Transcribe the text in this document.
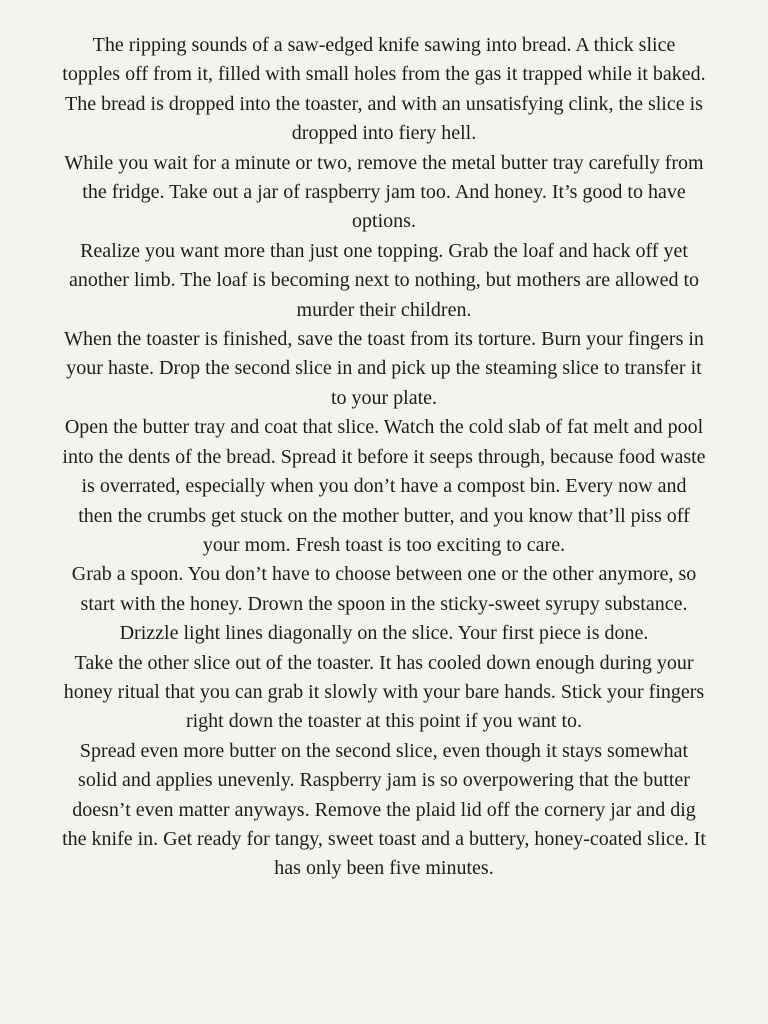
The ripping sounds of a saw-edged knife sawing into bread. A thick slice topples off from it, filled with small holes from the gas it trapped while it baked. The bread is dropped into the toaster, and with an unsatisfying clink, the slice is dropped into fiery hell.

While you wait for a minute or two, remove the metal butter tray carefully from the fridge. Take out a jar of raspberry jam too. And honey. It’s good to have options.

Realize you want more than just one topping. Grab the loaf and hack off yet another limb. The loaf is becoming next to nothing, but mothers are allowed to murder their children.

When the toaster is finished, save the toast from its torture. Burn your fingers in your haste. Drop the second slice in and pick up the steaming slice to transfer it to your plate.

Open the butter tray and coat that slice. Watch the cold slab of fat melt and pool into the dents of the bread. Spread it before it seeps through, because food waste is overrated, especially when you don’t have a compost bin. Every now and then the crumbs get stuck on the mother butter, and you know that’ll piss off your mom. Fresh toast is too exciting to care.

Grab a spoon. You don’t have to choose between one or the other anymore, so start with the honey. Drown the spoon in the sticky-sweet syrupy substance. Drizzle light lines diagonally on the slice. Your first piece is done.

Take the other slice out of the toaster. It has cooled down enough during your honey ritual that you can grab it slowly with your bare hands. Stick your fingers right down the toaster at this point if you want to.

Spread even more butter on the second slice, even though it stays somewhat solid and applies unevenly. Raspberry jam is so overpowering that the butter doesn’t even matter anyways. Remove the plaid lid off the cornery jar and dig the knife in. Get ready for tangy, sweet toast and a buttery, honey-coated slice. It has only been five minutes.
